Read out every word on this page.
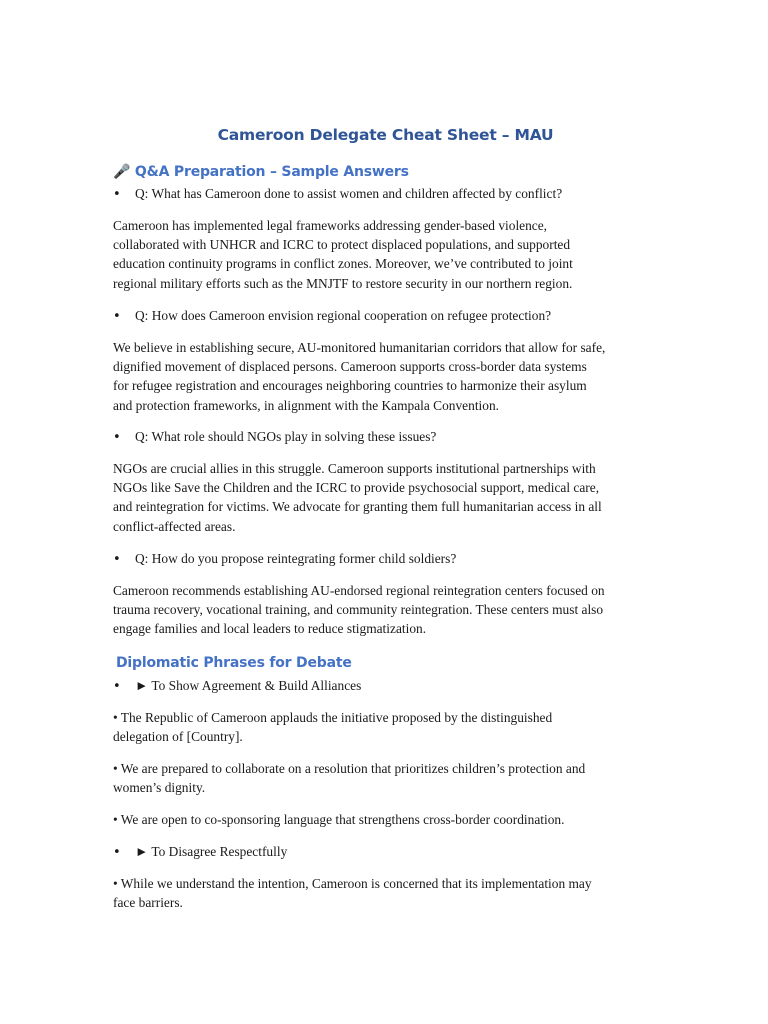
Cameroon Delegate Cheat Sheet – MAU
🎤 Q&A Preparation – Sample Answers
• Q: What has Cameroon done to assist women and children affected by conflict?

Cameroon has implemented legal frameworks addressing gender-based violence,
collaborated with UNHCR and ICRC to protect displaced populations, and supported
education continuity programs in conflict zones. Moreover, we’ve contributed to joint
regional military efforts such as the MNJTF to restore security in our northern region.

• Q: How does Cameroon envision regional cooperation on refugee protection?

We believe in establishing secure, AU-monitored humanitarian corridors that allow for safe,
dignified movement of displaced persons. Cameroon supports cross-border data systems
for refugee registration and encourages neighboring countries to harmonize their asylum
and protection frameworks, in alignment with the Kampala Convention.

• Q: What role should NGOs play in solving these issues?

NGOs are crucial allies in this struggle. Cameroon supports institutional partnerships with
NGOs like Save the Children and the ICRC to provide psychosocial support, medical care,
and reintegration for victims. We advocate for granting them full humanitarian access in all
conflict-affected areas.

• Q: How do you propose reintegrating former child soldiers?

Cameroon recommends establishing AU-endorsed regional reintegration centers focused on
trauma recovery, vocational training, and community reintegration. These centers must also
engage families and local leaders to reduce stigmatization.

Diplomatic Phrases for Debate
• ► To Show Agreement & Build Alliances

• The Republic of Cameroon applauds the initiative proposed by the distinguished
delegation of [Country].

• We are prepared to collaborate on a resolution that prioritizes children’s protection and
women’s dignity.

• We are open to co-sponsoring language that strengthens cross-border coordination.

• ► To Disagree Respectfully

• While we understand the intention, Cameroon is concerned that its implementation may
face barriers.
